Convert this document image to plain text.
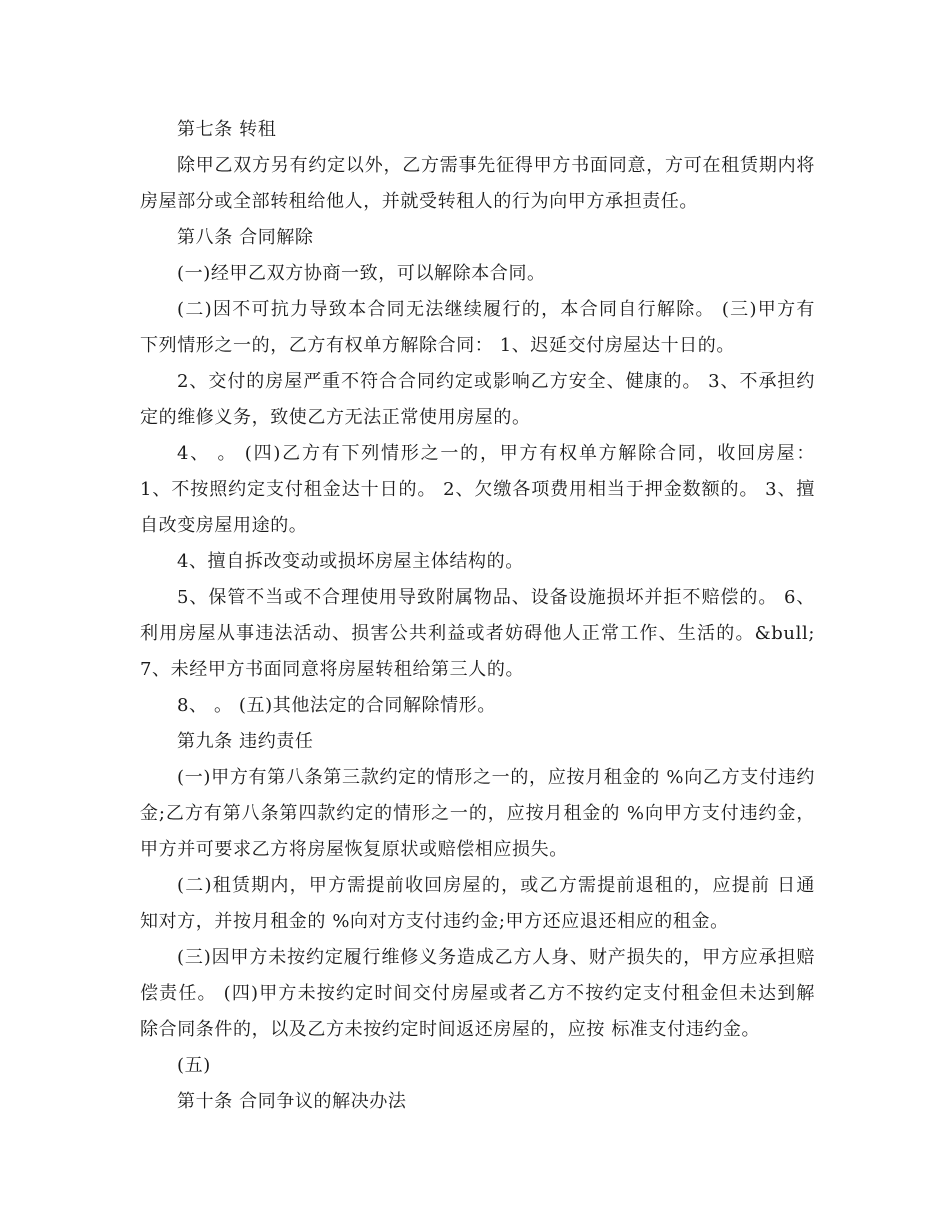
第七条 转租
除甲乙双方另有约定以外，乙方需事先征得甲方书面同意，方可在租赁期内将
房屋部分或全部转租给他人，并就受转租人的行为向甲方承担责任。
第八条 合同解除
(一)经甲乙双方协商一致，可以解除本合同。
(二)因不可抗力导致本合同无法继续履行的，本合同自行解除。 (三)甲方有
下列情形之一的，乙方有权单方解除合同： 1、迟延交付房屋达十日的。
2、交付的房屋严重不符合合同约定或影响乙方安全、健康的。 3、不承担约
定的维修义务，致使乙方无法正常使用房屋的。
4、 。 (四)乙方有下列情形之一的，甲方有权单方解除合同，收回房屋：
1、不按照约定支付租金达十日的。 2、欠缴各项费用相当于押金数额的。 3、擅
自改变房屋用途的。
4、擅自拆改变动或损坏房屋主体结构的。
5、保管不当或不合理使用导致附属物品、设备设施损坏并拒不赔偿的。 6、
利用房屋从事违法活动、损害公共利益或者妨碍他人正常工作、生活的。&bull;
7、未经甲方书面同意将房屋转租给第三人的。
8、 。 (五)其他法定的合同解除情形。
第九条 违约责任
(一)甲方有第八条第三款约定的情形之一的，应按月租金的 %向乙方支付违约
金;乙方有第八条第四款约定的情形之一的，应按月租金的 %向甲方支付违约金，
甲方并可要求乙方将房屋恢复原状或赔偿相应损失。
(二)租赁期内，甲方需提前收回房屋的，或乙方需提前退租的，应提前 日通
知对方，并按月租金的 %向对方支付违约金;甲方还应退还相应的租金。
(三)因甲方未按约定履行维修义务造成乙方人身、财产损失的，甲方应承担赔
偿责任。 (四)甲方未按约定时间交付房屋或者乙方不按约定支付租金但未达到解
除合同条件的，以及乙方未按约定时间返还房屋的，应按 标准支付违约金。
(五)
第十条 合同争议的解决办法
